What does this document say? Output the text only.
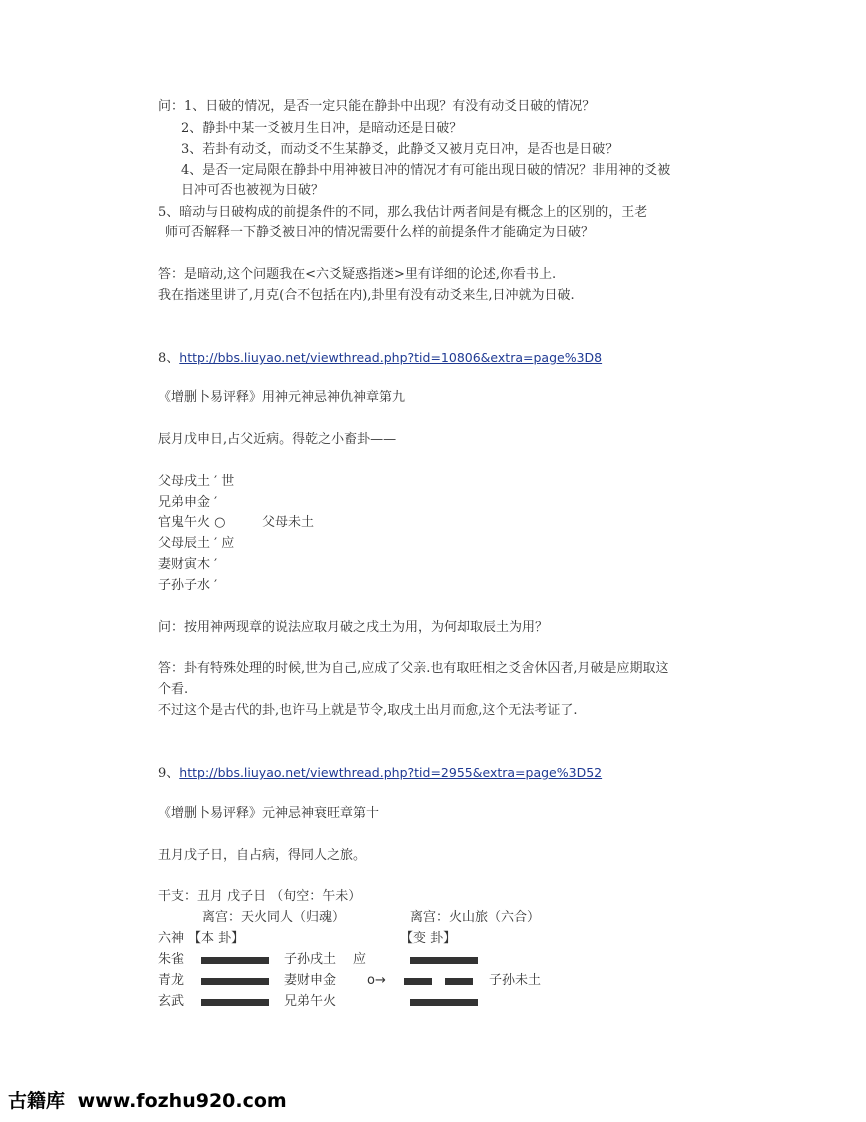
问：1、日破的情况，是否一定只能在静卦中出现？有没有动爻日破的情况？
2、静卦中某一爻被月生日冲，是暗动还是日破？
3、若卦有动爻，而动爻不生某静爻，此静爻又被月克日冲，是否也是日破？
4、是否一定局限在静卦中用神被日冲的情况才有可能出现日破的情况？非用神的爻被
日冲可否也被视为日破？
5、暗动与日破构成的前提条件的不同，那么我估计两者间是有概念上的区别的，王老
师可否解释一下静爻被日冲的情况需要什么样的前提条件才能确定为日破？
答：是暗动,这个问题我在<六爻疑惑指迷>里有详细的论述,你看书上.
我在指迷里讲了,月克(合不包括在内),卦里有没有动爻来生,日冲就为日破.
8、http://bbs.liuyao.net/viewthread.php?tid=10806&extra=page%3D8
《增删卜易评释》用神元神忌神仇神章第九
辰月戊申日,占父近病。得乾之小畜卦——
父母戌土 ′ 世
兄弟申金 ′
官鬼午火 ○	父母未土
父母辰土 ′ 应
妻财寅木 ′
子孙子水 ′
问：按用神两现章的说法应取月破之戌土为用，为何却取辰土为用？
答：卦有特殊处理的时候,世为自己,应成了父亲.也有取旺相之爻舍休囚者,月破是应期取这
个看.
不过这个是古代的卦,也许马上就是节令,取戌土出月而愈,这个无法考证了.
9、http://bbs.liuyao.net/viewthread.php?tid=2955&extra=page%3D52
《增删卜易评释》元神忌神衰旺章第十
丑月戊子日，自占病，得同人之旅。
干支：丑月 戊子日 （旬空：午未）
离宫：天火同人（归魂）	离宫：火山旅（六合）
六神 【本 卦】	【变 卦】
朱雀	子孙戌土 应
青龙	妻财申金 o→	子孙未土
玄武	兄弟午火
古籍库 www.fozhu920.com
